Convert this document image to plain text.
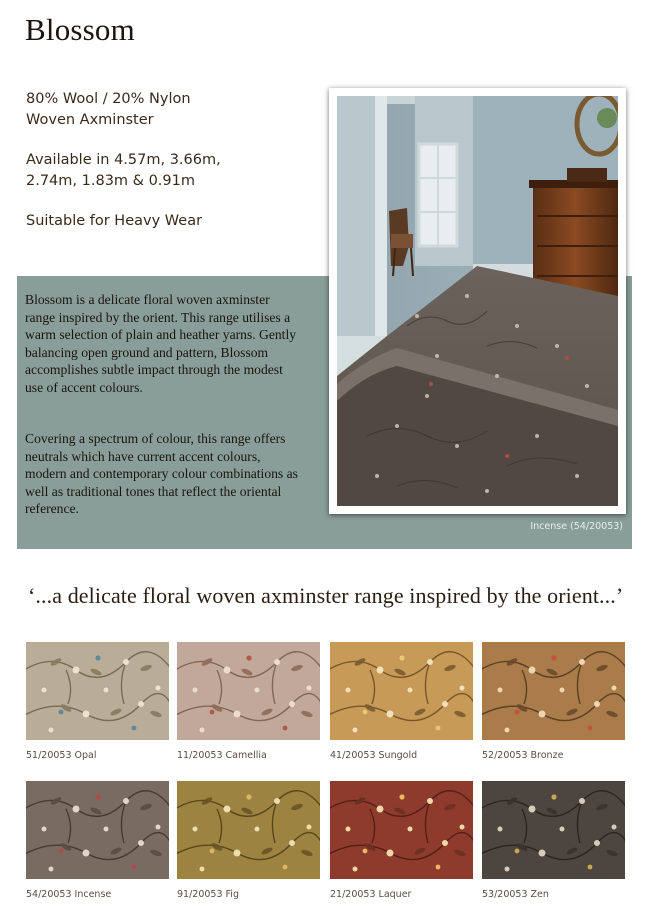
Blossom

80% Wool / 20% Nylon

Woven Axminster

Available in 4.57m, 3.66m,

2.74m, 1.83m & 0.91m

Suitable for Heavy Wear

Blossom is a delicate floral woven axminster range inspired by the orient. This range utilises a warm selection of plain and heather yarns. Gently balancing open ground and pattern, Blossom accomplishes subtle impact through the modest use of accent colours.

Covering a spectrum of colour, this range offers neutrals which have current accent colours, modern and contemporary colour combinations as well as traditional tones that reflect the oriental reference.

Incense (54/20053)

‘...a delicate floral woven axminster range inspired by the orient...’

51/20053 Opal	11/20053 Camellia	41/20053 Sungold	52/20053 Bronze

54/20053 Incense	91/20053 Fig	21/20053 Laquer	53/20053 Zen
